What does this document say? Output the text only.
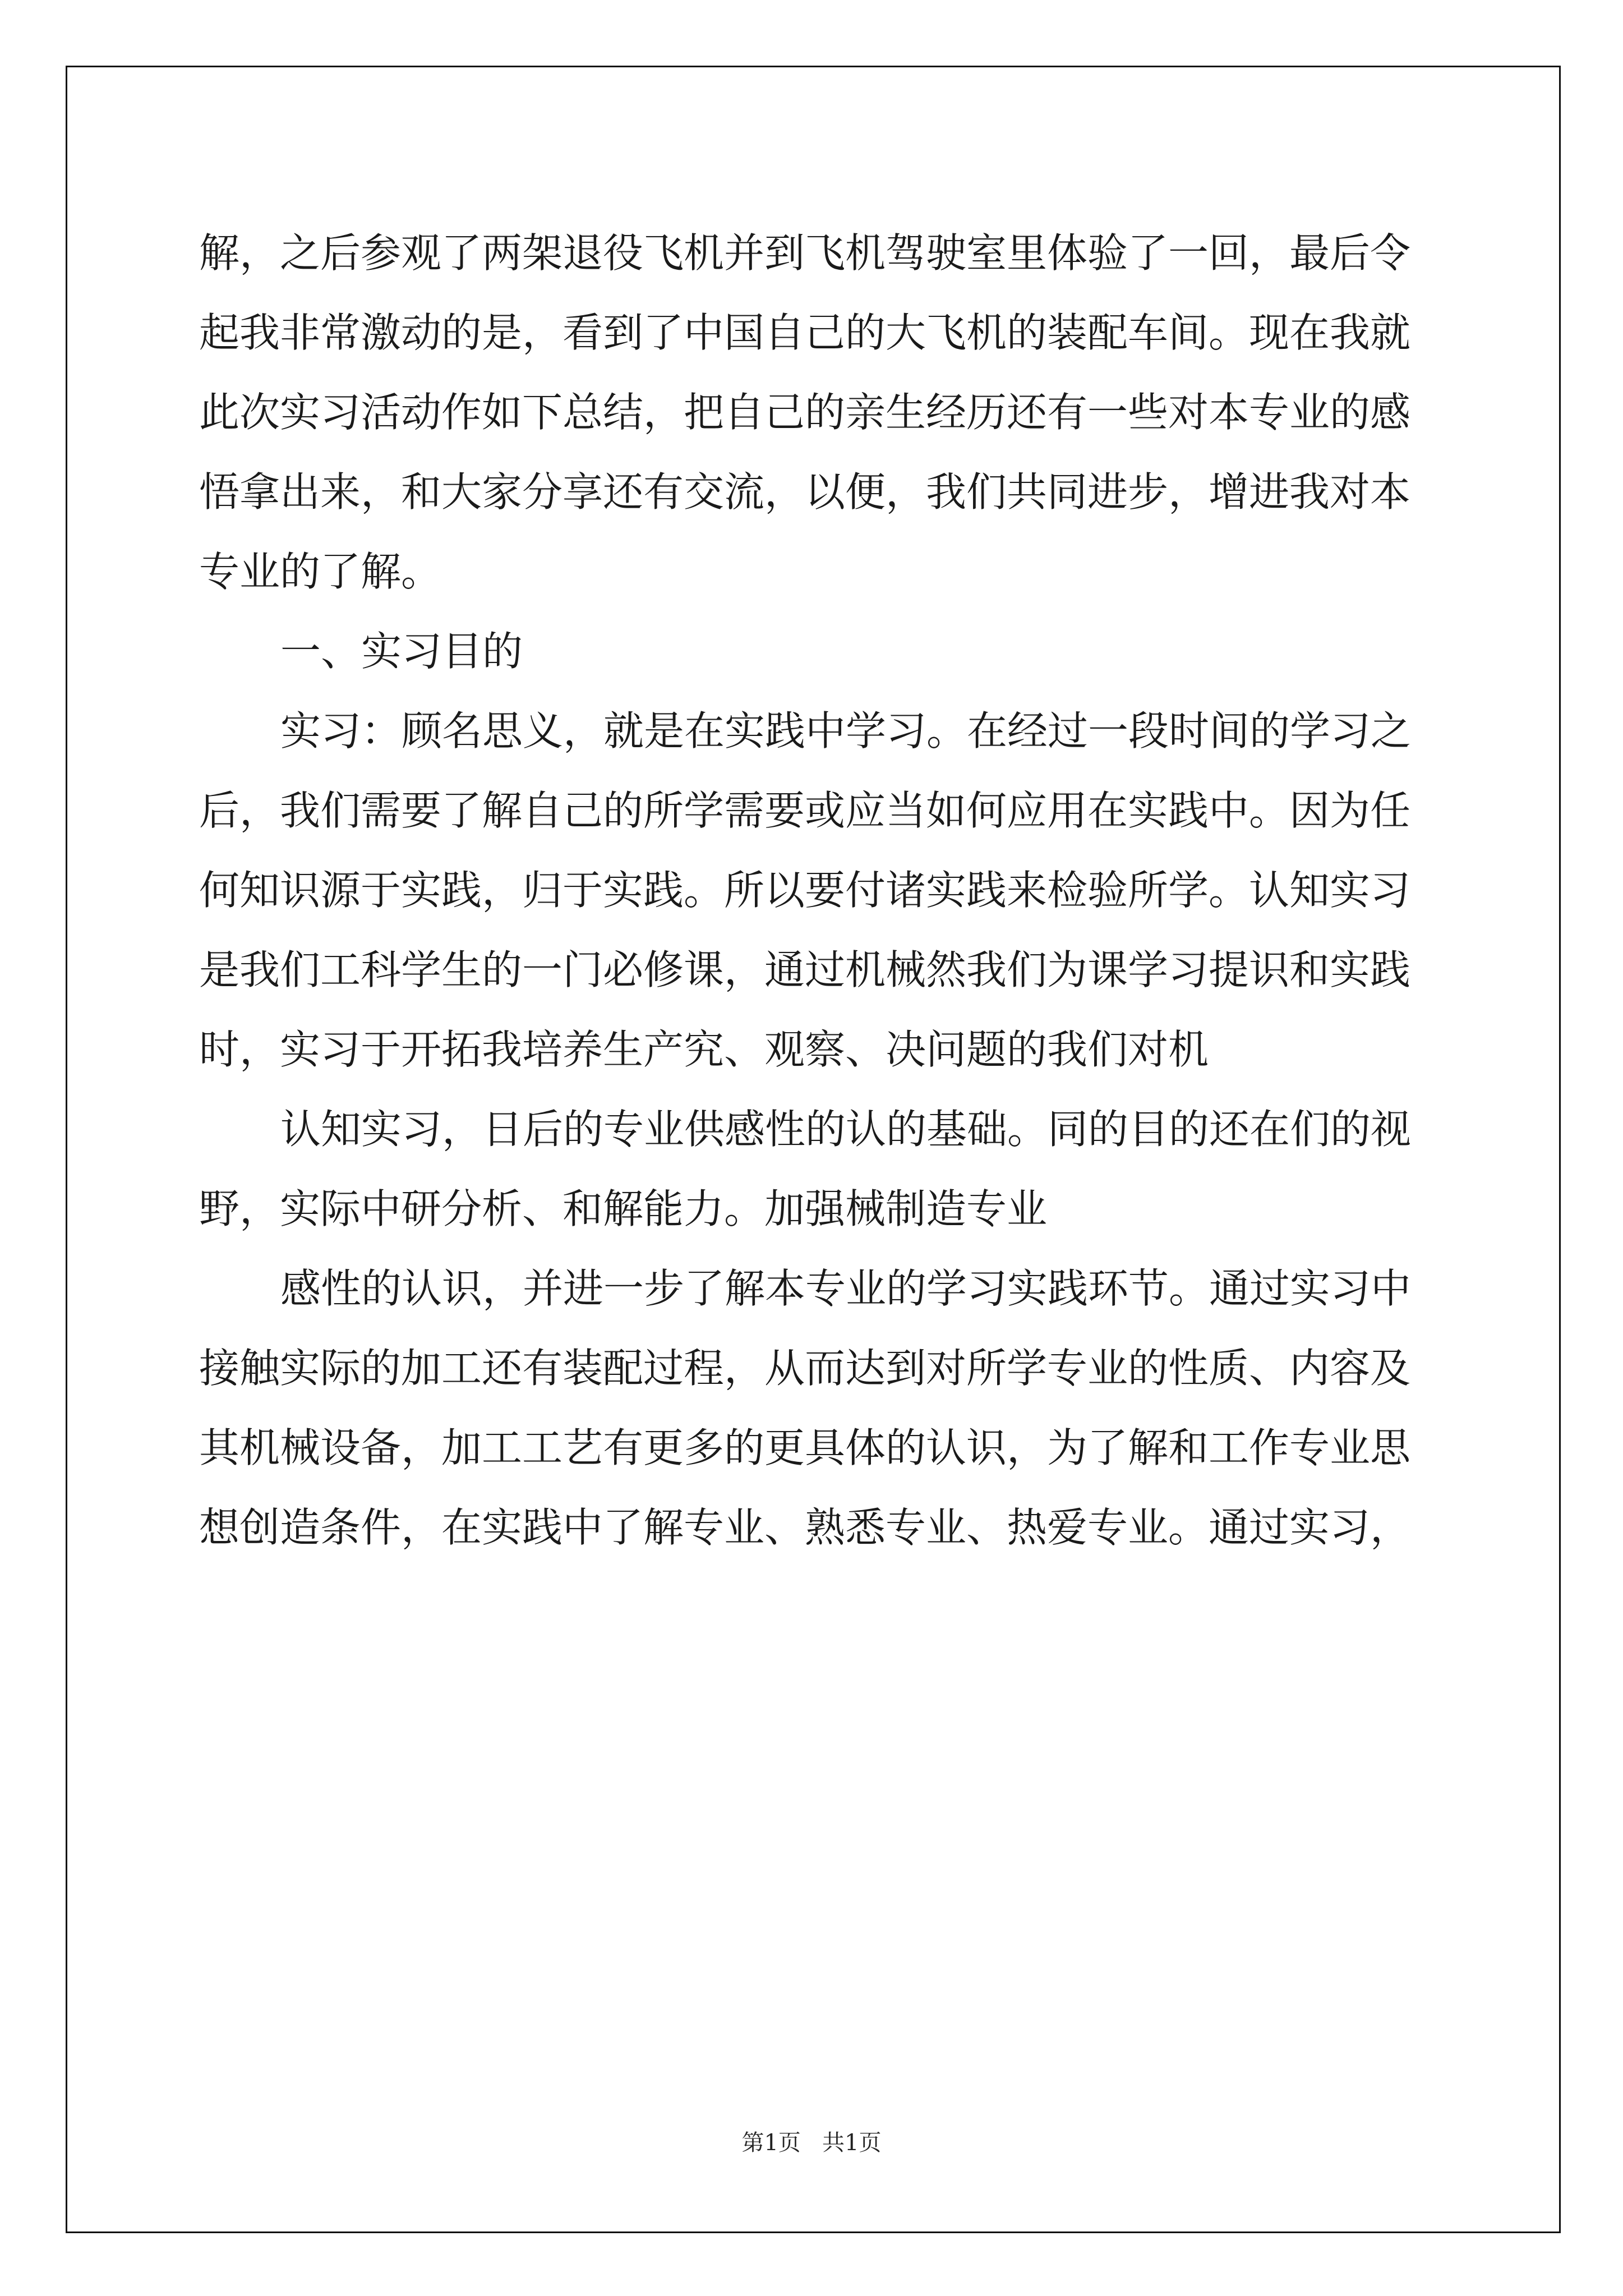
解，之后参观了两架退役飞机并到飞机驾驶室里体验了一回，最后令
起我非常激动的是，看到了中国自己的大飞机的装配车间。现在我就
此次实习活动作如下总结，把自己的亲生经历还有一些对本专业的感
悟拿出来，和大家分享还有交流，以便，我们共同进步，增进我对本
专业的了解。
一、实习目的
实习：顾名思义，就是在实践中学习。在经过一段时间的学习之
后，我们需要了解自己的所学需要或应当如何应用在实践中。因为任
何知识源于实践，归于实践。所以要付诸实践来检验所学。认知实习
是我们工科学生的一门必修课，通过机械然我们为课学习提识和实践
时，实习于开拓我培养生产究、观察、决问题的我们对机
认知实习，日后的专业供感性的认的基础。同的目的还在们的视
野，实际中研分析、和解能力。加强械制造专业
感性的认识，并进一步了解本专业的学习实践环节。通过实习中
接触实际的加工还有装配过程，从而达到对所学专业的性质、内容及
其机械设备，加工工艺有更多的更具体的认识，为了解和工作专业思
想创造条件，在实践中了解专业、熟悉专业、热爱专业。通过实习，
第1页   共1页
